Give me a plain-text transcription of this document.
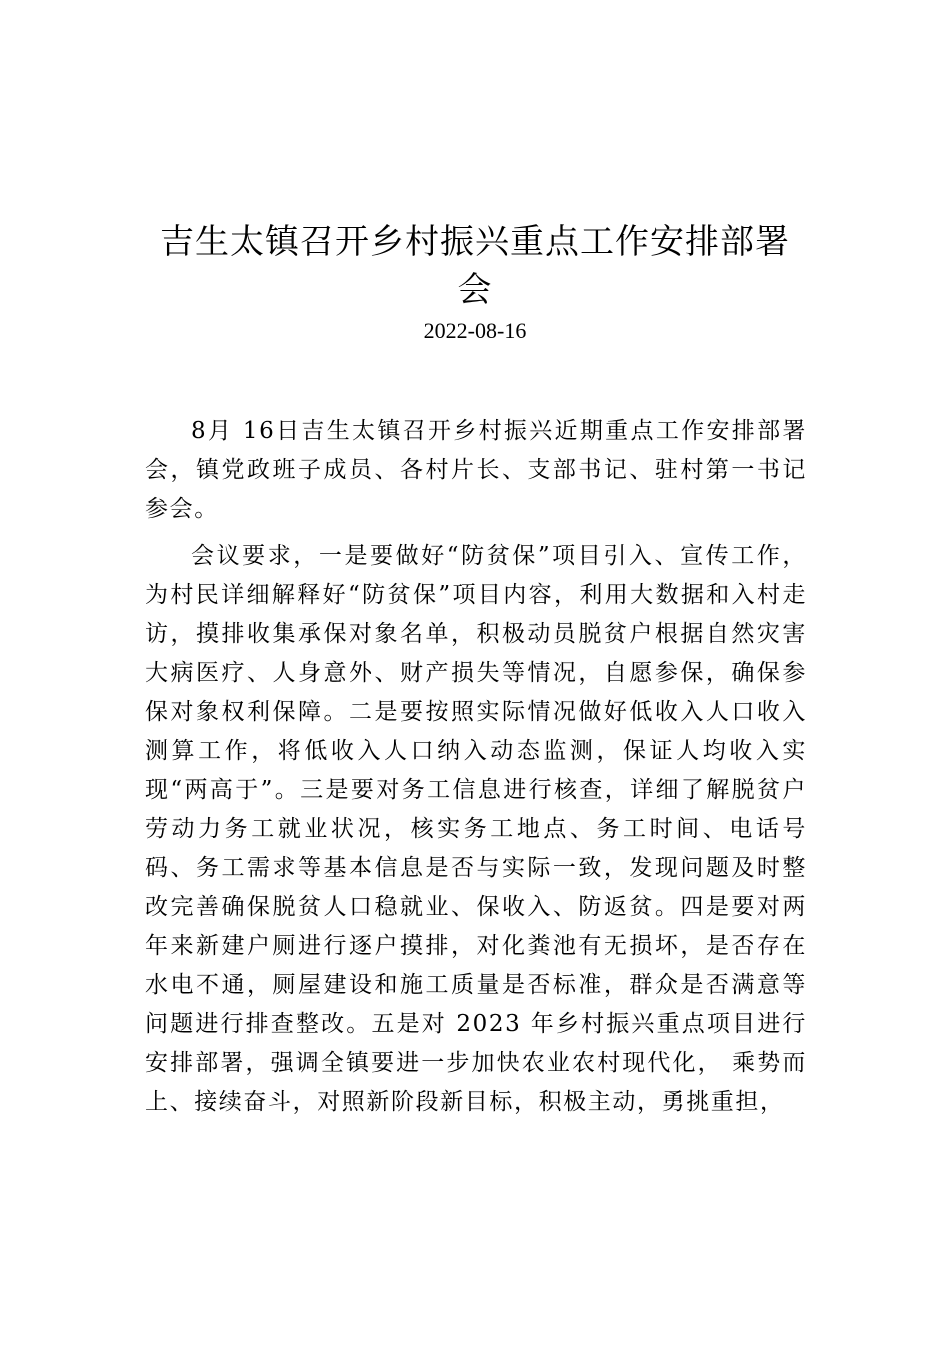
吉生太镇召开乡村振兴重点工作安排部署会
2022-08-16

8月 16日吉生太镇召开乡村振兴近期重点工作安排部署会，镇党政班子成员、各村片长、支部书记、驻村第一书记参会。

会议要求，一是要做好“防贫保”项目引入、宣传工作，为村民详细解释好“防贫保”项目内容，利用大数据和入村走访，摸排收集承保对象名单，积极动员脱贫户根据自然灾害大病医疗、人身意外、财产损失等情况，自愿参保，确保参保对象权利保障。二是要按照实际情况做好低收入人口收入测算工作，将低收入人口纳入动态监测，保证人均收入实现“两高于”。三是要对务工信息进行核查，详细了解脱贫户劳动力务工就业状况，核实务工地点、务工时间、电话号码、务工需求等基本信息是否与实际一致，发现问题及时整改完善确保脱贫人口稳就业、保收入、防返贫。四是要对两年来新建户厕进行逐户摸排，对化粪池有无损坏，是否存在水电不通，厕屋建设和施工质量是否标准，群众是否满意等问题进行排查整改。五是对 2023 年乡村振兴重点项目进行安排部署，强调全镇要进一步加快农业农村现代化， 乘势而上、接续奋斗，对照新阶段新目标，积极主动，勇挑重担，
